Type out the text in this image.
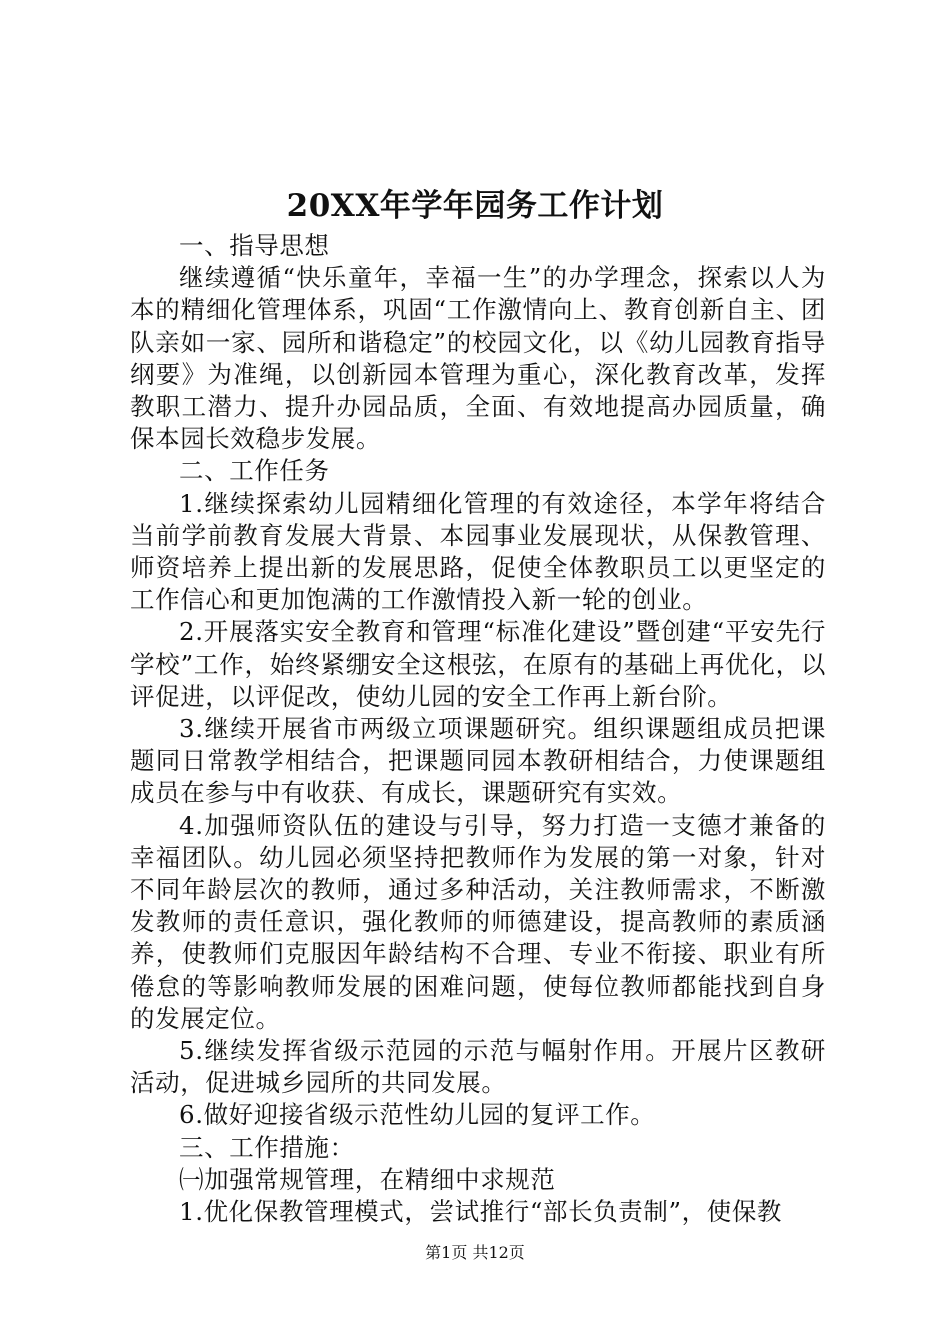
20XX年学年园务工作计划

一、指导思想

继续遵循“快乐童年，幸福一生”的办学理念，探索以人为本的精细化管理体系，巩固“工作激情向上、教育创新自主、团队亲如一家、园所和谐稳定”的校园文化，以《幼儿园教育指导纲要》为准绳，以创新园本管理为重心，深化教育改革，发挥教职工潜力、提升办园品质，全面、有效地提高办园质量，确保本园长效稳步发展。

二、工作任务

1.继续探索幼儿园精细化管理的有效途径，本学年将结合当前学前教育发展大背景、本园事业发展现状，从保教管理、师资培养上提出新的发展思路，促使全体教职员工以更坚定的工作信心和更加饱满的工作激情投入新一轮的创业。

2.开展落实安全教育和管理“标准化建设”暨创建“平安先行学校”工作，始终紧绷安全这根弦，在原有的基础上再优化，以评促进，以评促改，使幼儿园的安全工作再上新台阶。

3.继续开展省市两级立项课题研究。组织课题组成员把课题同日常教学相结合，把课题同园本教研相结合，力使课题组成员在参与中有收获、有成长，课题研究有实效。

4.加强师资队伍的建设与引导，努力打造一支德才兼备的幸福团队。幼儿园必须坚持把教师作为发展的第一对象，针对不同年龄层次的教师，通过多种活动，关注教师需求，不断激发教师的责任意识，强化教师的师德建设，提高教师的素质涵养，使教师们克服因年龄结构不合理、专业不衔接、职业有所倦怠的等影响教师发展的困难问题，使每位教师都能找到自身的发展定位。

5.继续发挥省级示范园的示范与幅射作用。开展片区教研活动，促进城乡园所的共同发展。

6.做好迎接省级示范性幼儿园的复评工作。

三、工作措施：

㈠加强常规管理，在精细中求规范

1.优化保教管理模式，尝试推行“部长负责制”，使保教

第1页 共12页
